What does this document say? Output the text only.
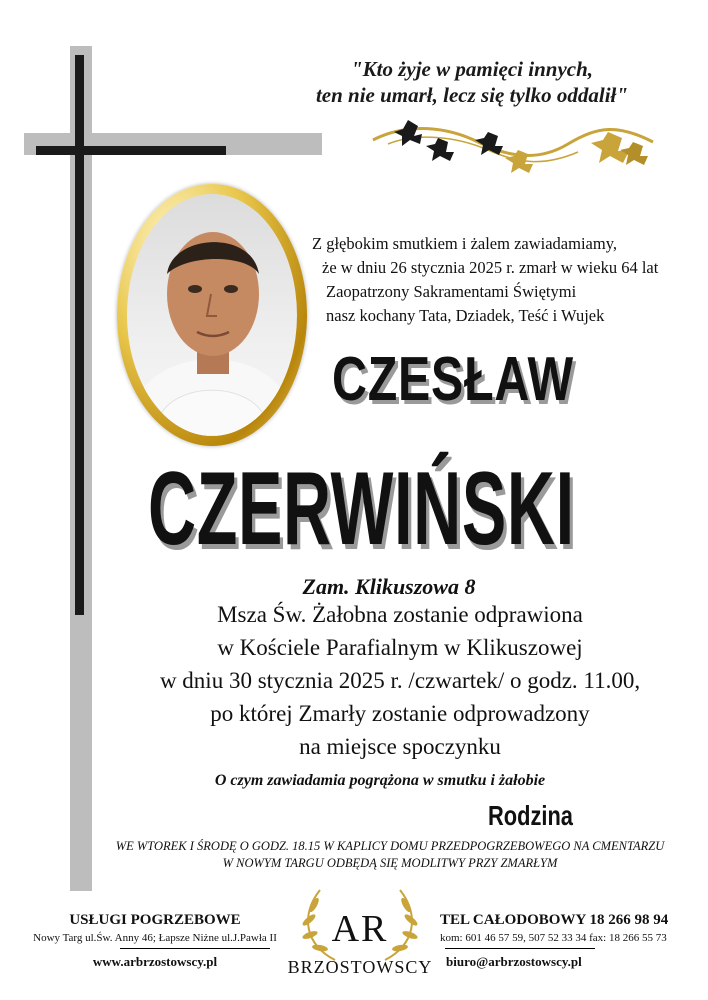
"Kto żyje w pamięci innych,
ten nie umarł, lecz się tylko oddalił"
Z głębokim smutkiem i żalem zawiadamiamy,
że w dniu 26 stycznia 2025 r. zmarł w wieku 64 lat
Zaopatrzony Sakramentami Świętymi
nasz kochany Tata, Dziadek, Teść i Wujek
CZESŁAW
CZERWIŃSKI
Zam. Klikuszowa 8
Msza Św. Żałobna zostanie odprawiona
w Kościele Parafialnym w Klikuszowej
w dniu 30 stycznia 2025 r. /czwartek/ o godz. 11.00,
po której Zmarły zostanie odprowadzony
na miejsce spoczynku
O czym zawiadamia pogrążona w smutku i żałobie
Rodzina
WE WTOREK I ŚRODĘ O GODZ. 18.15 W KAPLICY DOMU PRZEDPOGRZEBOWEGO NA CMENTARZU
W NOWYM TARGU ODBĘDĄ SIĘ MODLITWY PRZY ZMARŁYM
USŁUGI POGRZEBOWE
Nowy Targ ul.Św. Anny 46; Łapsze Niżne ul.J.Pawła II
www.arbrzostowscy.pl
AR
BRZOSTOWSCY
TEL CAŁODOBOWY 18 266 98 94
kom: 601 46 57 59, 507 52 33 34 fax: 18 266 55 73
biuro@arbrzostowscy.pl
